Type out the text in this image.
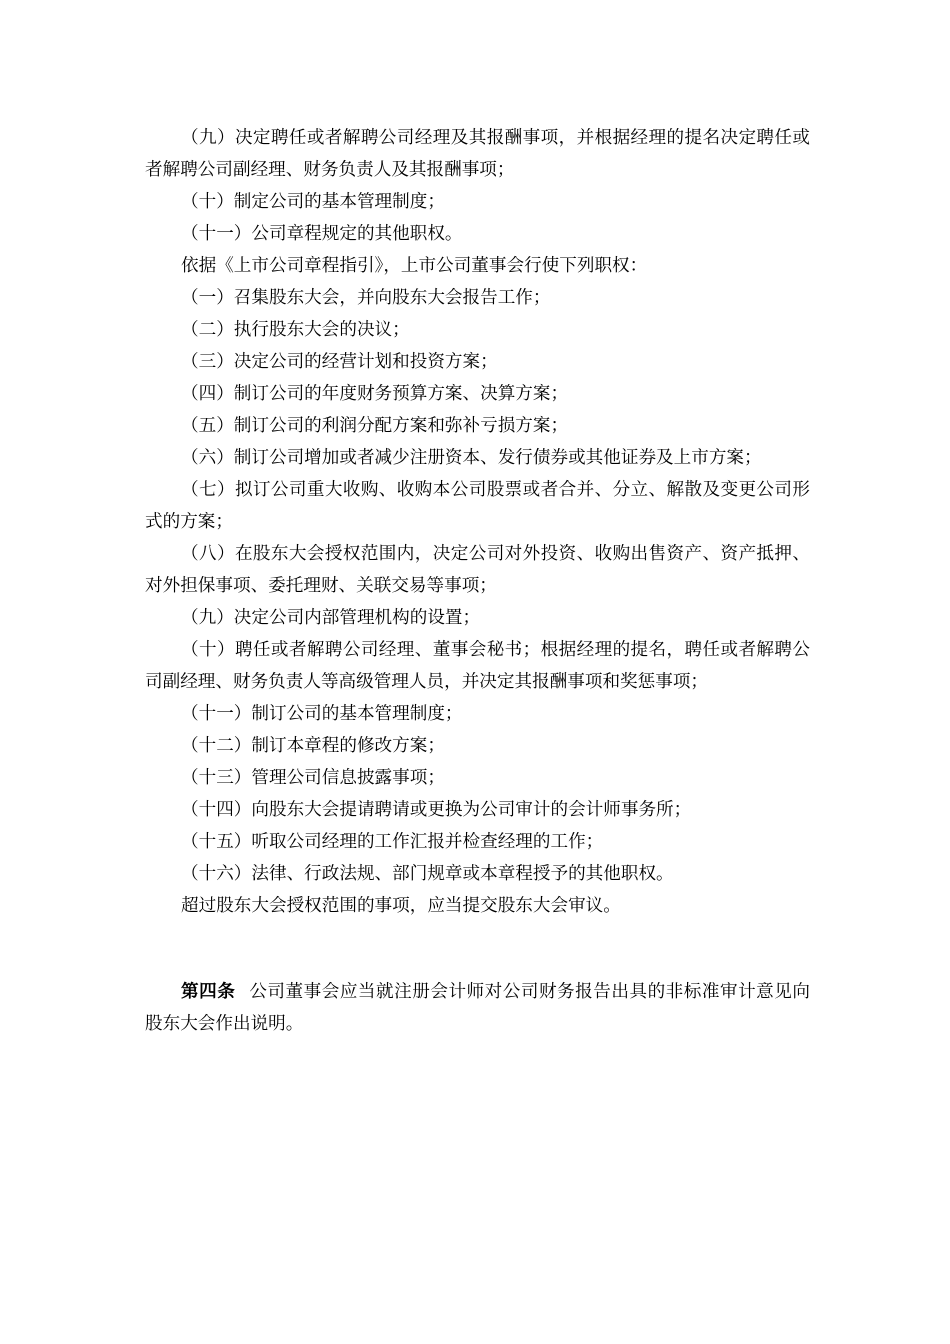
（九）决定聘任或者解聘公司经理及其报酬事项，并根据经理的提名决定聘任或者解聘公司副经理、财务负责人及其报酬事项；

（十）制定公司的基本管理制度；

（十一）公司章程规定的其他职权。

依据《上市公司章程指引》，上市公司董事会行使下列职权：

（一）召集股东大会，并向股东大会报告工作；

（二）执行股东大会的决议；

（三）决定公司的经营计划和投资方案；

（四）制订公司的年度财务预算方案、决算方案；

（五）制订公司的利润分配方案和弥补亏损方案；

（六）制订公司增加或者减少注册资本、发行债券或其他证券及上市方案；

（七）拟订公司重大收购、收购本公司股票或者合并、分立、解散及变更公司形式的方案；

（八）在股东大会授权范围内，决定公司对外投资、收购出售资产、资产抵押、对外担保事项、委托理财、关联交易等事项；

（九）决定公司内部管理机构的设置；

（十）聘任或者解聘公司经理、董事会秘书；根据经理的提名，聘任或者解聘公司副经理、财务负责人等高级管理人员，并决定其报酬事项和奖惩事项；

（十一）制订公司的基本管理制度；

（十二）制订本章程的修改方案；

（十三）管理公司信息披露事项；

（十四）向股东大会提请聘请或更换为公司审计的会计师事务所；

（十五）听取公司经理的工作汇报并检查经理的工作；

（十六）法律、行政法规、部门规章或本章程授予的其他职权。

超过股东大会授权范围的事项，应当提交股东大会审议。

第四条 公司董事会应当就注册会计师对公司财务报告出具的非标准审计意见向股东大会作出说明。
